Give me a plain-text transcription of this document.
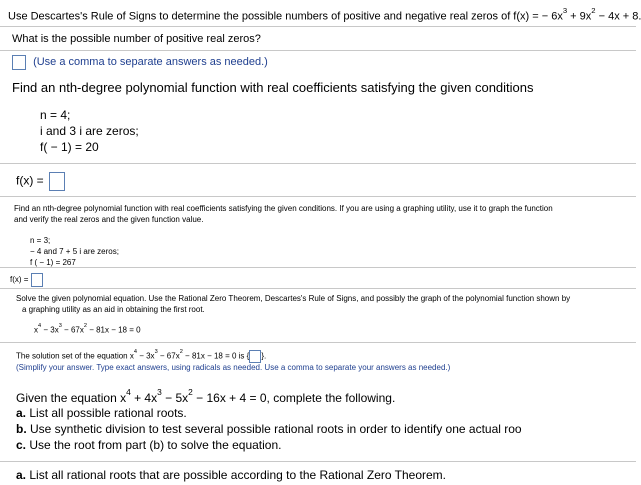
Use Descartes's Rule of Signs to determine the possible numbers of positive and negative real zeros of f(x) = − $6x^3 + 9x^2 - 4x + 8$.
What is the possible number of positive real zeros?
(Use a comma to separate answers as needed.)
Find an nth-degree polynomial function with real coefficients satisfying the given conditions
n = 4;
i and 3 i are zeros;
f( − 1) = 20
f(x) =
Find an nth-degree polynomial function with real coefficients satisfying the given conditions. If you are using a graphing utility, use it to graph the function
and verify the real zeros and the given function value.
n = 3;
− 4 and 7 + 5 i are zeros;
f ( − 1) = 267
f(x) =
Solve the given polynomial equation. Use the Rational Zero Theorem, Descartes's Rule of Signs, and possibly the graph of the polynomial function shown by
a graphing utility as an aid in obtaining the first root.
$x^4 - 3x^3 - 67x^2 - 81x - 18 = 0$
The solution set of the equation $x^4 - 3x^3 - 67x^2 - 81x - 18 = 0$ is { }.
(Simplify your answer. Type exact answers, using radicals as needed. Use a comma to separate your answers as needed.)
Given the equation $x^4 + 4x^3 - 5x^2 - 16x + 4 = 0$, complete the following.
a. List all possible rational roots.
b. Use synthetic division to test several possible rational roots in order to identify one actual roo
c. Use the root from part (b) to solve the equation.
a. List all rational roots that are possible according to the Rational Zero Theorem.
